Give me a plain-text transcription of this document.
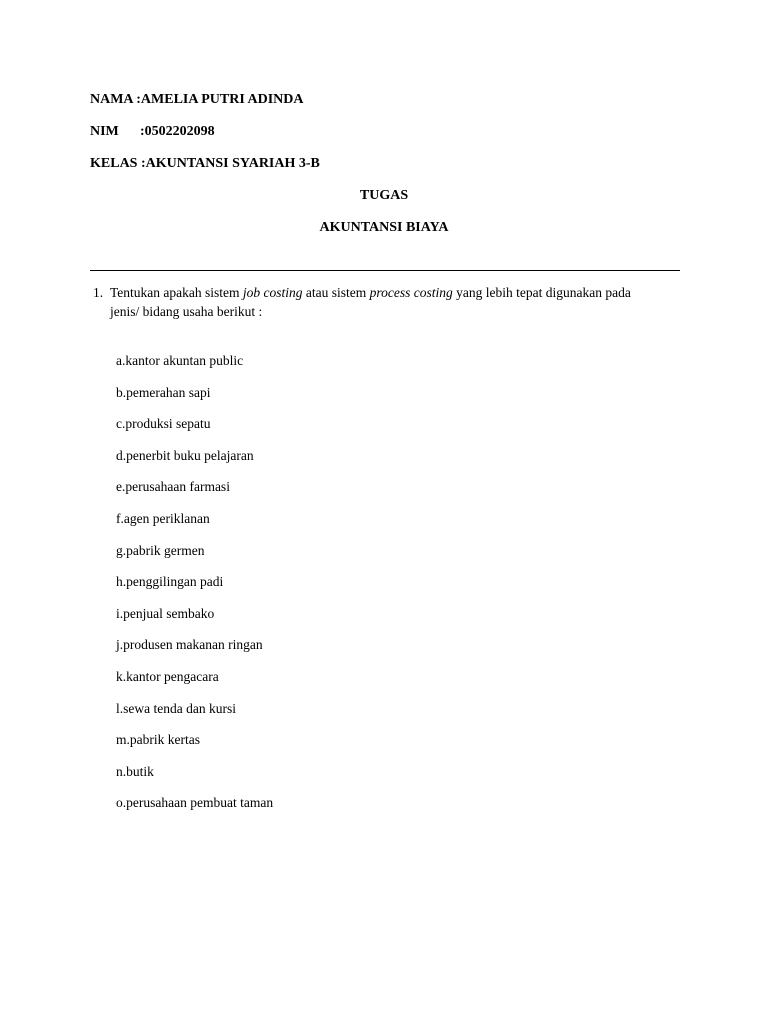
NAMA :AMELIA PUTRI ADINDA
NIM :0502202098
KELAS :AKUNTANSI SYARIAH 3-B
TUGAS
AKUNTANSI BIAYA
1. Tentukan apakah sistem job costing atau sistem process costing yang lebih tepat digunakan pada jenis/ bidang usaha berikut :
a.kantor akuntan public
b.pemerahan sapi
c.produksi sepatu
d.penerbit buku pelajaran
e.perusahaan farmasi
f.agen periklanan
g.pabrik germen
h.penggilingan padi
i.penjual sembako
j.produsen makanan ringan
k.kantor pengacara
l.sewa tenda dan kursi
m.pabrik kertas
n.butik
o.perusahaan pembuat taman
